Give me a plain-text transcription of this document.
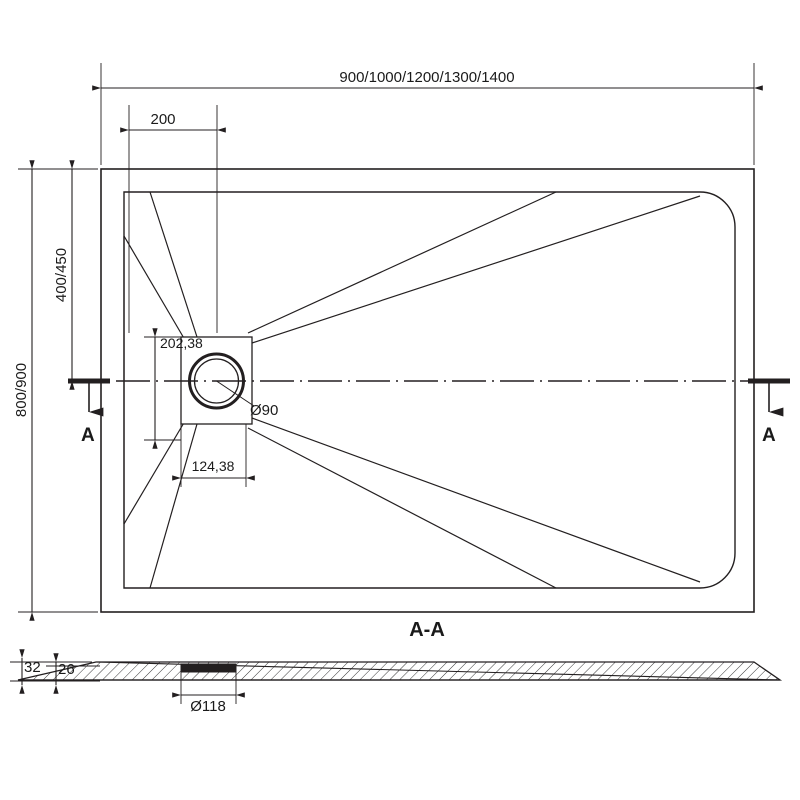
A	A
900/1000/1200/1300/1400
200
400/450
800/900
202,38
124,38
Ø90
A-A
32 26
Ø118
